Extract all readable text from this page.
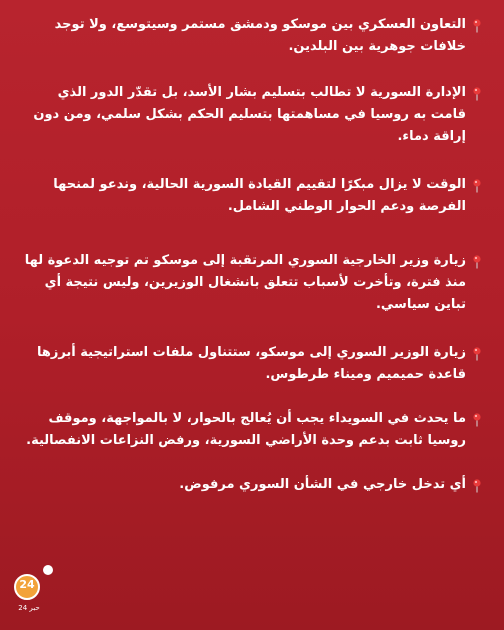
التعاون العسكري بين موسكو ودمشق مستمر وسيتوسع، ولا توجد خلافات جوهرية بين البلدين.
الإدارة السورية لا تطالب بتسليم بشار الأسد، بل تقدّر الدور الذي قامت به روسيا في مساهمتها بتسليم الحكم بشكل سلمي، ومن دون إراقة دماء.
الوقت لا يزال مبكرًا لتقييم القيادة السورية الحالية، وندعو لمنحها الفرصة ودعم الحوار الوطني الشامل.
زيارة وزير الخارجية السوري المرتقبة إلى موسكو تم توجيه الدعوة لها منذ فترة، وتأخرت لأسباب تتعلق بانشغال الوزيرين، وليس نتيجة أي تباين سياسي.
زيارة الوزير السوري إلى موسكو، ستتناول ملفات استراتيجية أبرزها قاعدة حميميم وميناء طرطوس.
ما يحدث في السويداء يجب أن يُعالج بالحوار، لا بالمواجهة، وموقف روسيا ثابت بدعم وحدة الأراضي السورية، ورفض النزاعات الانفصالية.
أي تدخل خارجي في الشأن السوري مرفوض.
24
حبر 24
